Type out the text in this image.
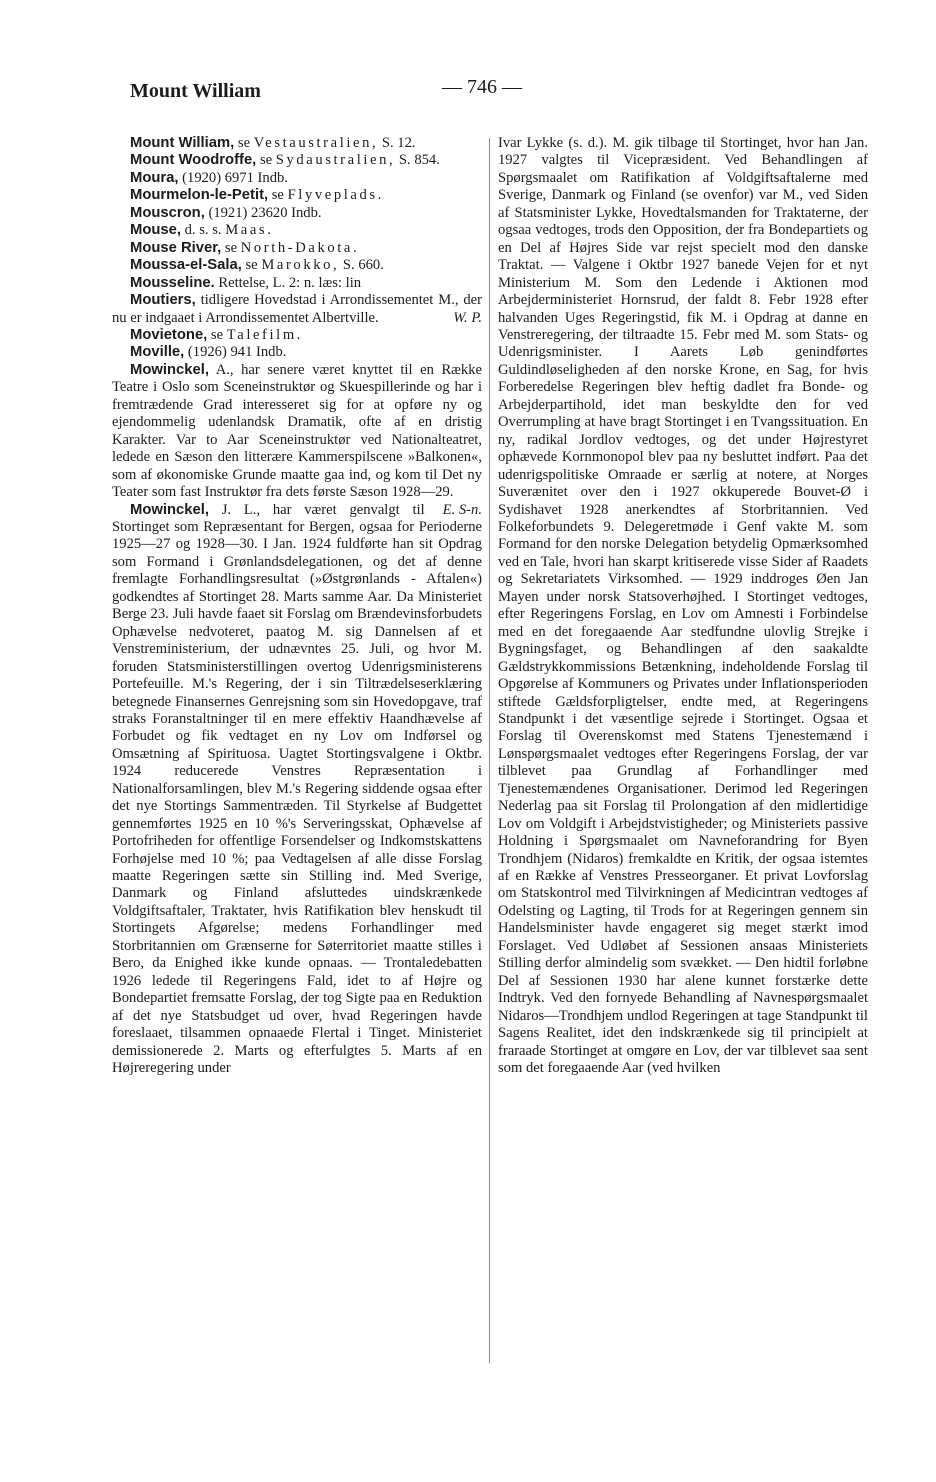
Mount William	— 746 —

Mount William, se Vestaustralien, S. 12.

Mount Woodroffe, se Sydaustralien, S. 854.

Moura, (1920) 6971 Indb.

Mourmelon-le-Petit, se Flyveplads.

Mouscron, (1921) 23620 Indb.

Mouse, d. s. s. Maas.

Mouse River, se North-Dakota.

Moussa-el-Sala, se Marokko, S. 660.

Mousseline. Rettelse, L. 2: n. læs: lin

Moutiers, tidligere Hovedstad i Arrondissementet M., der nu er indgaaet i Arrondissementet Albertville.	W. P.

Movietone, se Talefilm.

Moville, (1926) 941 Indb.

Mowinckel, A., har senere været knyttet til en Række Teatre i Oslo som Sceneinstruktør og Skuespillerinde og har i fremtrædende Grad interesseret sig for at opføre ny og ejendommelig udenlandsk Dramatik, ofte af en dristig Karakter. Var to Aar Sceneinstruktør ved Nationalteatret, ledede en Sæson den litterære Kammerspilscene »Balkonen«, som af økonomiske Grunde maatte gaa ind, og kom til Det ny Teater som fast Instruktør fra dets første Sæson 1928—29.
E. S-n.

Mowinckel, J. L., har været genvalgt til Stortinget som Repræsentant for Bergen, ogsaa for Perioderne 1925—27 og 1928—30. I Jan. 1924 fuldførte han sit Opdrag som Formand i Grønlandsdelegationen, og det af denne fremlagte Forhandlingsresultat (»Østgrønlands - Aftalen«) godkendtes af Stortinget 28. Marts samme Aar. Da Ministeriet Berge 23. Juli havde faaet sit Forslag om Brændevinsforbudets Ophævelse nedvoteret, paatog M. sig Dannelsen af et Venstreministerium, der udnævntes 25. Juli, og hvor M. foruden Statsministerstillingen overtog Udenrigsministerens Portefeuille. M.'s Regering, der i sin Tiltrædelseserklæring betegnede Finansernes Genrejsning som sin Hovedopgave, traf straks Foranstaltninger til en mere effektiv Haandhævelse af Forbudet og fik vedtaget en ny Lov om Indførsel og Omsætning af Spirituosa. Uagtet Stortingsvalgene i Oktbr. 1924 reducerede Venstres Repræsentation i Nationalforsamlingen, blev M.'s Regering siddende ogsaa efter det nye Stortings Sammentræden. Til Styrkelse af Budgettet gennemførtes 1925 en 10 %'s Serveringsskat, Ophævelse af Portofriheden for offentlige Forsendelser og Indkomstskattens Forhøjelse med 10 %; paa Vedtagelsen af alle disse Forslag maatte Regeringen sætte sin Stilling ind. Med Sverige, Danmark og Finland afsluttedes uindskrænkede Voldgiftsaftaler, Traktater, hvis Ratifikation blev henskudt til Stortingets Afgørelse; medens Forhandlinger med Storbritannien om Grænserne for Søterritoriet maatte stilles i Bero, da Enighed ikke kunde opnaas. — Trontaledebatten 1926 ledede til Regeringens Fald, idet to af Højre og Bondepartiet fremsatte Forslag, der tog Sigte paa en Reduktion af det nye Statsbudget ud over, hvad Regeringen havde foreslaaet, tilsammen opnaaede Flertal i Tinget. Ministeriet demissionerede 2. Marts og efterfulgtes 5. Marts af en Højreregering under

Ivar Lykke (s. d.). M. gik tilbage til Stortinget, hvor han Jan. 1927 valgtes til Vicepræsident. Ved Behandlingen af Spørgsmaalet om Ratifikation af Voldgiftsaftalerne med Sverige, Danmark og Finland (se ovenfor) var M., ved Siden af Statsminister Lykke, Hovedtalsmanden for Traktaterne, der ogsaa vedtoges, trods den Opposition, der fra Bondepartiets og en Del af Højres Side var rejst specielt mod den danske Traktat. — Valgene i Oktbr 1927 banede Vejen for et nyt Ministerium M. Som den Ledende i Aktionen mod Arbejderministeriet Hornsrud, der faldt 8. Febr 1928 efter halvanden Uges Regeringstid, fik M. i Opdrag at danne en Venstreregering, der tiltraadte 15. Febr med M. som Stats- og Udenrigsminister. I Aarets Løb genindførtes Guldindløseligheden af den norske Krone, en Sag, for hvis Forberedelse Regeringen blev heftig dadlet fra Bonde- og Arbejderpartihold, idet man beskyldte den for ved Overrumpling at have bragt Stortinget i en Tvangssituation. En ny, radikal Jordlov vedtoges, og det under Højrestyret ophævede Kornmonopol blev paa ny besluttet indført. Paa det udenrigspolitiske Omraade er særlig at notere, at Norges Suverænitet over den i 1927 okkuperede Bouvet-Ø i Sydishavet 1928 anerkendtes af Storbritannien. Ved Folkeforbundets 9. Delegeretmøde i Genf vakte M. som Formand for den norske Delegation betydelig Opmærksomhed ved en Tale, hvori han skarpt kritiserede visse Sider af Raadets og Sekretariatets Virksomhed. — 1929 inddroges Øen Jan Mayen under norsk Statsoverhøjhed. I Stortinget vedtoges, efter Regeringens Forslag, en Lov om Amnesti i Forbindelse med en det foregaaende Aar stedfundne ulovlig Strejke i Bygningsfaget, og Behandlingen af den saakaldte Gældstrykkommissions Betænkning, indeholdende Forslag til Opgørelse af Kommuners og Privates under Inflationsperioden stiftede Gældsforpligtelser, endte med, at Regeringens Standpunkt i det væsentlige sejrede i Stortinget. Ogsaa et Forslag til Overenskomst med Statens Tjenestemænd i Lønspørgsmaalet vedtoges efter Regeringens Forslag, der var tilblevet paa Grundlag af Forhandlinger med Tjenestemændenes Organisationer. Derimod led Regeringen Nederlag paa sit Forslag til Prolongation af den midlertidige Lov om Voldgift i Arbejdstvistigheder; og Ministeriets passive Holdning i Spørgsmaalet om Navneforandring for Byen Trondhjem (Nidaros) fremkaldte en Kritik, der ogsaa istemtes af en Række af Venstres Presseorganer. Et privat Lovforslag om Statskontrol med Tilvirkningen af Medicintran vedtoges af Odelsting og Lagting, til Trods for at Regeringen gennem sin Handelsminister havde engageret sig meget stærkt imod Forslaget. Ved Udløbet af Sessionen ansaas Ministeriets Stilling derfor almindelig som svækket. — Den hidtil forløbne Del af Sessionen 1930 har alene kunnet forstærke dette Indtryk. Ved den fornyede Behandling af Navnespørgsmaalet Nidaros—Trondhjem undlod Regeringen at tage Standpunkt til Sagens Realitet, idet den indskrænkede sig til principielt at fraraade Stortinget at omgøre en Lov, der var tilblevet saa sent som det foregaaende Aar (ved hvilken
